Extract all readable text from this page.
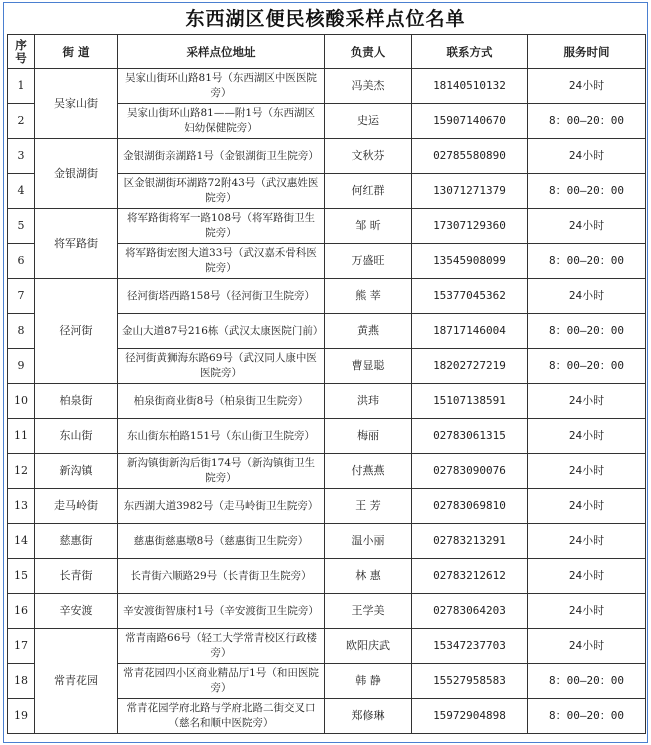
东西湖区便民核酸采样点位名单
序号	街 道	采样点位地址	负责人	联系方式	服务时间
1	吴家山街	吴家山街环山路81号（东西湖区中医医院旁）	冯美杰	18140510132	24小时
2		吴家山街环山路81——附1号（东西湖区妇幼保健院旁）	史运	15907140670	8：00—20：00
3	金银湖街	金银湖街亲湖路1号（金银湖街卫生院旁）	文秋芬	02785580890	24小时
4		区金银湖街环湖路72附43号（武汉惠姓医院旁）	何红群	13071271379	8：00—20：00
5	将军路街	将军路街将军一路108号（将军路街卫生院旁）	邹 昕	17307129360	24小时
6		将军路街宏图大道33号（武汉嘉禾骨科医院旁）	万盛旺	13545908099	8：00—20：00
7	径河街	径河街塔西路158号（径河街卫生院旁）	熊 莘	15377045362	24小时
8		金山大道87号216栋（武汉太康医院门前）	黄燕	18717146004	8：00—20：00
9		径河街黄狮海东路69号（武汉同人康中医医院旁）	曹显聪	18202727219	8：00—20：00
10	柏泉街	柏泉街商业街8号（柏泉街卫生院旁）	洪玮	15107138591	24小时
11	东山街	东山街东柏路151号（东山街卫生院旁）	梅丽	02783061315	24小时
12	新沟镇	新沟镇街新沟后街174号（新沟镇街卫生院旁）	付燕燕	02783090076	24小时
13	走马岭街	东西湖大道3982号（走马岭街卫生院旁）	王 芳	02783069810	24小时
14	慈惠街	慈惠街慈惠墩8号（慈惠街卫生院旁）	温小丽	02783213291	24小时
15	长青街	长青街六顺路29号（长青街卫生院旁）	林 惠	02783212612	24小时
16	辛安渡	辛安渡街智康村1号（辛安渡街卫生院旁）	王学美	02783064203	24小时
17	常青花园	常青南路66号（轻工大学常青校区行政楼旁）	欧阳庆武	15347237703	24小时
18		常青花园四小区商业精品厅1号（和田医院旁）	韩 静	15527958583	8：00—20：00
19		常青花园学府北路与学府北路二街交叉口（慈名和顺中医院旁）	郑修琳	15972904898	8：00—20：00
